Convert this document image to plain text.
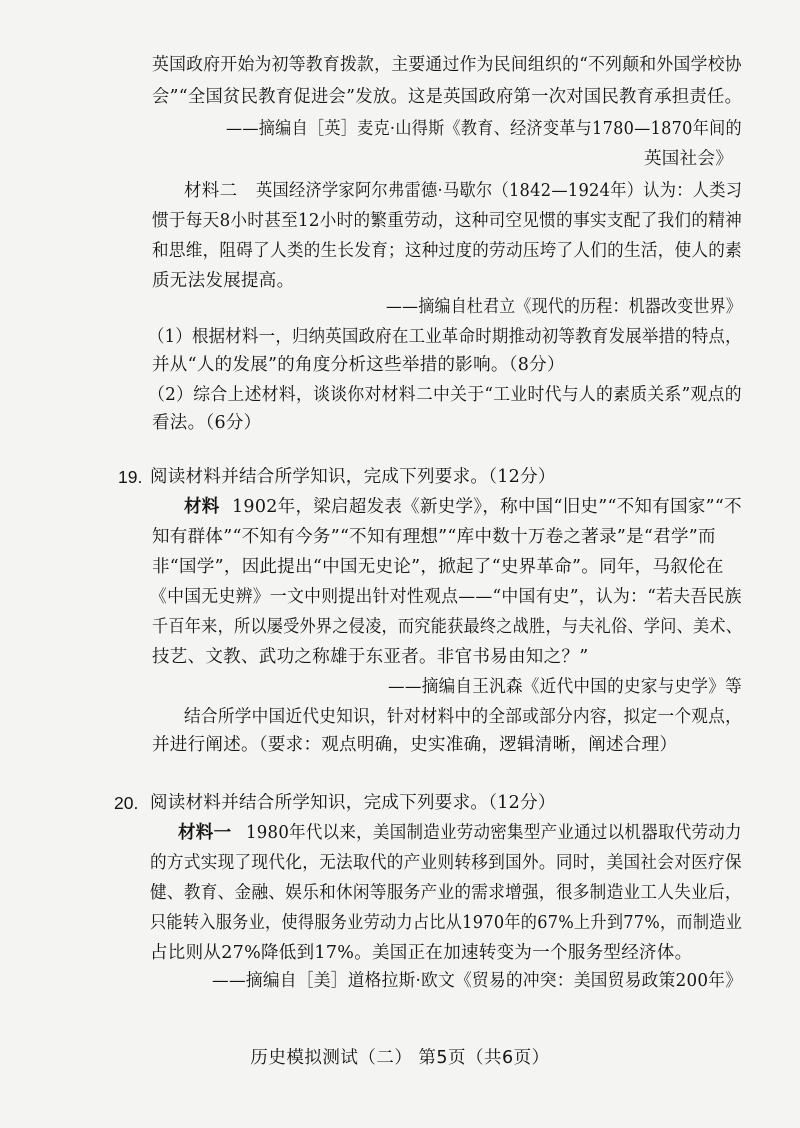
英国政府开始为初等教育拨款，主要通过作为民间组织的“不列颠和外国学校协
会”“全国贫民教育促进会”发放。这是英国政府第一次对国民教育承担责任。
——摘编自［英］麦克·山得斯《教育、经济变革与1780—1870年间的
英国社会》
材料二 英国经济学家阿尔弗雷德·马歇尔（1842—1924年）认为：人类习
惯于每天8小时甚至12小时的繁重劳动，这种司空见惯的事实支配了我们的精神
和思维，阻碍了人类的生长发育；这种过度的劳动压垮了人们的生活，使人的素
质无法发展提高。
——摘编自杜君立《现代的历程：机器改变世界》
（1）根据材料一，归纳英国政府在工业革命时期推动初等教育发展举措的特点，
并从“人的发展”的角度分析这些举措的影响。（8分）
（2）综合上述材料，谈谈你对材料二中关于“工业时代与人的素质关系”观点的
看法。（6分）
19. 阅读材料并结合所学知识，完成下列要求。（12分）
材料 1902年，梁启超发表《新史学》，称中国“旧史”“不知有国家”“不
知有群体”“不知有今务”“不知有理想”“库中数十万卷之著录”是“君学”而
非“国学”，因此提出“中国无史论”，掀起了“史界革命”。同年，马叙伦在
《中国无史辨》一文中则提出针对性观点——“中国有史”，认为：“若夫吾民族
千百年来，所以屡受外界之侵凌，而究能获最终之战胜，与夫礼俗、学问、美术、
技艺、文教、武功之称雄于东亚者。非官书易由知之？”
——摘编自王汎森《近代中国的史家与史学》等
结合所学中国近代史知识，针对材料中的全部或部分内容，拟定一个观点，
并进行阐述。（要求：观点明确，史实准确，逻辑清晰，阐述合理）
20. 阅读材料并结合所学知识，完成下列要求。（12分）
材料一 1980年代以来，美国制造业劳动密集型产业通过以机器取代劳动力
的方式实现了现代化，无法取代的产业则转移到国外。同时，美国社会对医疗保
健、教育、金融、娱乐和休闲等服务产业的需求增强，很多制造业工人失业后，
只能转入服务业，使得服务业劳动力占比从1970年的67%上升到77%，而制造业
占比则从27%降低到17%。美国正在加速转变为一个服务型经济体。
——摘编自［美］道格拉斯·欧文《贸易的冲突：美国贸易政策200年》
历史模拟测试（二） 第5页（共6页）
